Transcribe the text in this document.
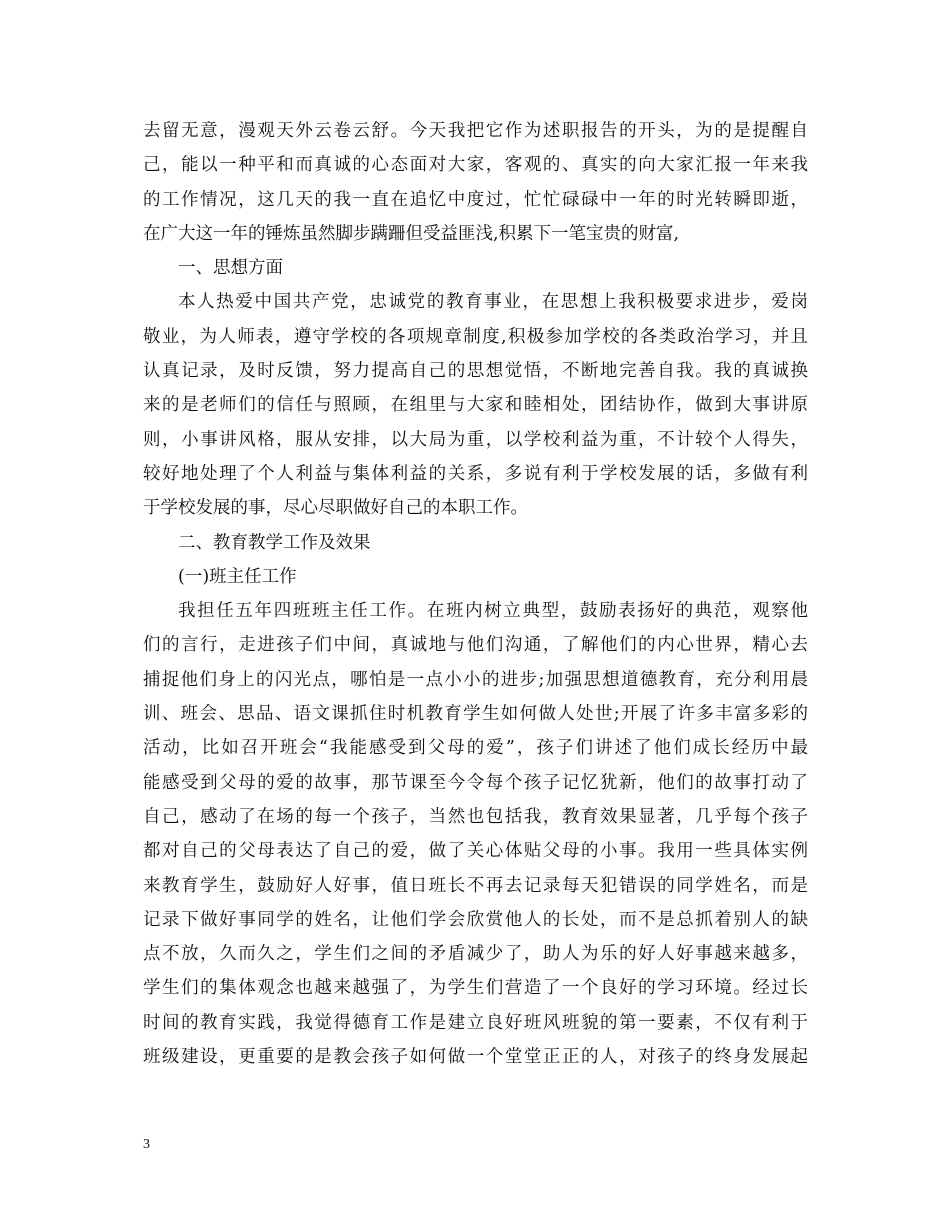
去留无意，漫观天外云卷云舒。今天我把它作为述职报告的开头，为的是提醒自
己，能以一种平和而真诚的心态面对大家，客观的、真实的向大家汇报一年来我
的工作情况，这几天的我一直在追忆中度过，忙忙碌碌中一年的时光转瞬即逝，
在广大这一年的锤炼虽然脚步蹒跚但受益匪浅,积累下一笔宝贵的财富,
一、思想方面
本人热爱中国共产党，忠诚党的教育事业，在思想上我积极要求进步，爱岗
敬业，为人师表，遵守学校的各项规章制度,积极参加学校的各类政治学习，并且
认真记录，及时反馈，努力提高自己的思想觉悟，不断地完善自我。我的真诚换
来的是老师们的信任与照顾，在组里与大家和睦相处，团结协作，做到大事讲原
则，小事讲风格，服从安排，以大局为重，以学校利益为重，不计较个人得失，
较好地处理了个人利益与集体利益的关系，多说有利于学校发展的话，多做有利
于学校发展的事，尽心尽职做好自己的本职工作。
二、教育教学工作及效果
(一)班主任工作
我担任五年四班班主任工作。在班内树立典型，鼓励表扬好的典范，观察他
们的言行，走进孩子们中间，真诚地与他们沟通，了解他们的内心世界，精心去
捕捉他们身上的闪光点，哪怕是一点小小的进步;加强思想道德教育，充分利用晨
训、班会、思品、语文课抓住时机教育学生如何做人处世;开展了许多丰富多彩的
活动，比如召开班会“我能感受到父母的爱”，孩子们讲述了他们成长经历中最
能感受到父母的爱的故事，那节课至今令每个孩子记忆犹新，他们的故事打动了
自己，感动了在场的每一个孩子，当然也包括我，教育效果显著，几乎每个孩子
都对自己的父母表达了自己的爱，做了关心体贴父母的小事。我用一些具体实例
来教育学生，鼓励好人好事，值日班长不再去记录每天犯错误的同学姓名，而是
记录下做好事同学的姓名，让他们学会欣赏他人的长处，而不是总抓着别人的缺
点不放，久而久之，学生们之间的矛盾减少了，助人为乐的好人好事越来越多，
学生们的集体观念也越来越强了，为学生们营造了一个良好的学习环境。经过长
时间的教育实践，我觉得德育工作是建立良好班风班貌的第一要素，不仅有利于
班级建设，更重要的是教会孩子如何做一个堂堂正正的人，对孩子的终身发展起
3
